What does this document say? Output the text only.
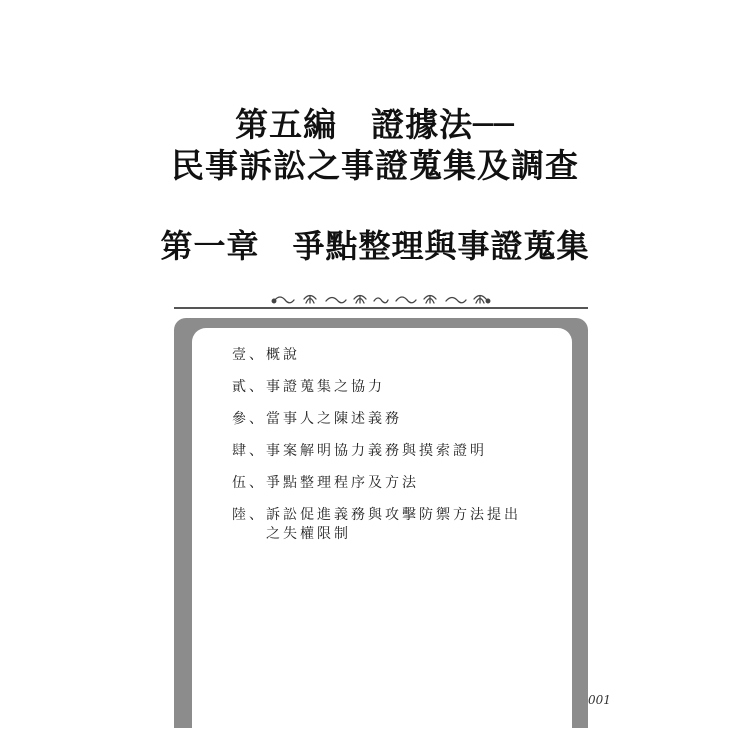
第五編　證據法──
民事訴訟之事證蒐集及調查
第一章　爭點整理與事證蒐集
壹、 概說
貳、 事證蒐集之協力
參、 當事人之陳述義務
肆、 事案解明協力義務與摸索證明
伍、 爭點整理程序及方法
陸、 訴訟促進義務與攻擊防禦方法提出之失權限制
001
